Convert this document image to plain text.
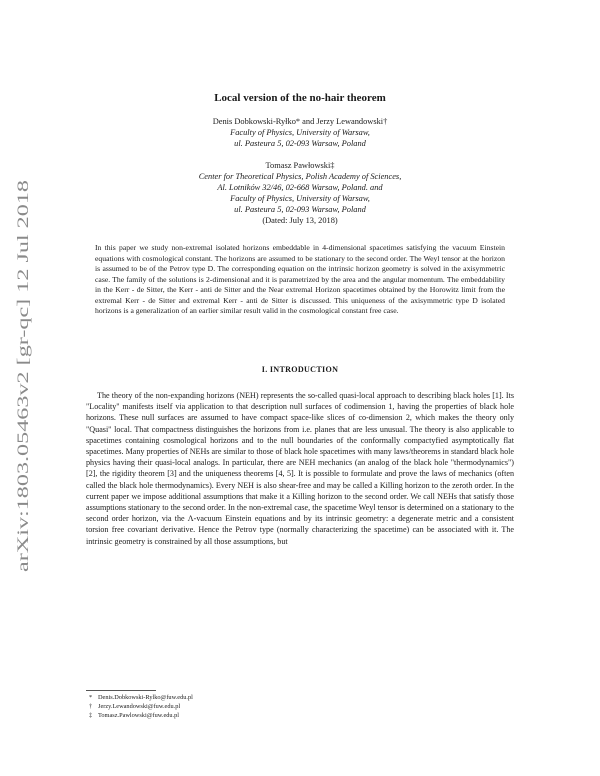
arXiv:1803.05463v2 [gr-qc] 12 Jul 2018
Local version of the no-hair theorem
Denis Dobkowski-Ryłko* and Jerzy Lewandowski†
Faculty of Physics, University of Warsaw,
ul. Pasteura 5, 02-093 Warsaw, Poland
Tomasz Pawłowski‡
Center for Theoretical Physics, Polish Academy of Sciences,
Al. Lotników 32/46, 02-668 Warsaw, Poland. and
Faculty of Physics, University of Warsaw,
ul. Pasteura 5, 02-093 Warsaw, Poland
(Dated: July 13, 2018)

In this paper we study non-extremal isolated horizons embeddable in 4-dimensional spacetimes satisfying the vacuum Einstein equations with cosmological constant. The horizons are assumed to be stationary to the second order. The Weyl tensor at the horizon is assumed to be of the Petrov type D. The corresponding equation on the intrinsic horizon geometry is solved in the axisymmetric case. The family of the solutions is 2-dimensional and it is parametrized by the area and the angular momentum. The embeddability in the Kerr - de Sitter, the Kerr - anti de Sitter and the Near extremal Horizon spacetimes obtained by the Horowitz limit from the extremal Kerr - de Sitter and extremal Kerr - anti de Sitter is discussed. This uniqueness of the axisymmetric type D isolated horizons is a generalization of an earlier similar result valid in the cosmological constant free case.

I. INTRODUCTION

The theory of the non-expanding horizons (NEH) represents the so-called quasi-local approach to describing black holes [1]. Its "Locality" manifests itself via application to that description null surfaces of codimension 1, having the properties of black hole horizons. These null surfaces are assumed to have compact space-like slices of co-dimension 2, which makes the theory only "Quasi" local. That compactness distinguishes the horizons from i.e. planes that are less unusual. The theory is also applicable to spacetimes containing cosmological horizons and to the null boundaries of the conformally compactyfied asymptotically flat spacetimes. Many properties of NEHs are similar to those of black hole spacetimes with many laws/theorems in standard black hole physics having their quasi-local analogs. In particular, there are NEH mechanics (an analog of the black hole "thermodynamics")[2], the rigidity theorem [3] and the uniqueness theorems [4, 5]. It is possible to formulate and prove the laws of mechanics (often called the black hole thermodynamics). Every NEH is also shear-free and may be called a Killing horizon to the zeroth order. In the current paper we impose additional assumptions that make it a Killing horizon to the second order. We call NEHs that satisfy those assumptions stationary to the second order. In the non-extremal case, the spacetime Weyl tensor is determined on a stationary to the second order horizon, via the Λ-vacuum Einstein equations and by its intrinsic geometry: a degenerate metric and a consistent torsion free covariant derivative. Hence the Petrov type (normally characterizing the spacetime) can be associated with it. The intrinsic geometry is constrained by all those assumptions, but

* Denis.Dobkowski-Rylko@fuw.edu.pl
† Jerzy.Lewandowski@fuw.edu.pl
‡ Tomasz.Pawlowski@fuw.edu.pl
